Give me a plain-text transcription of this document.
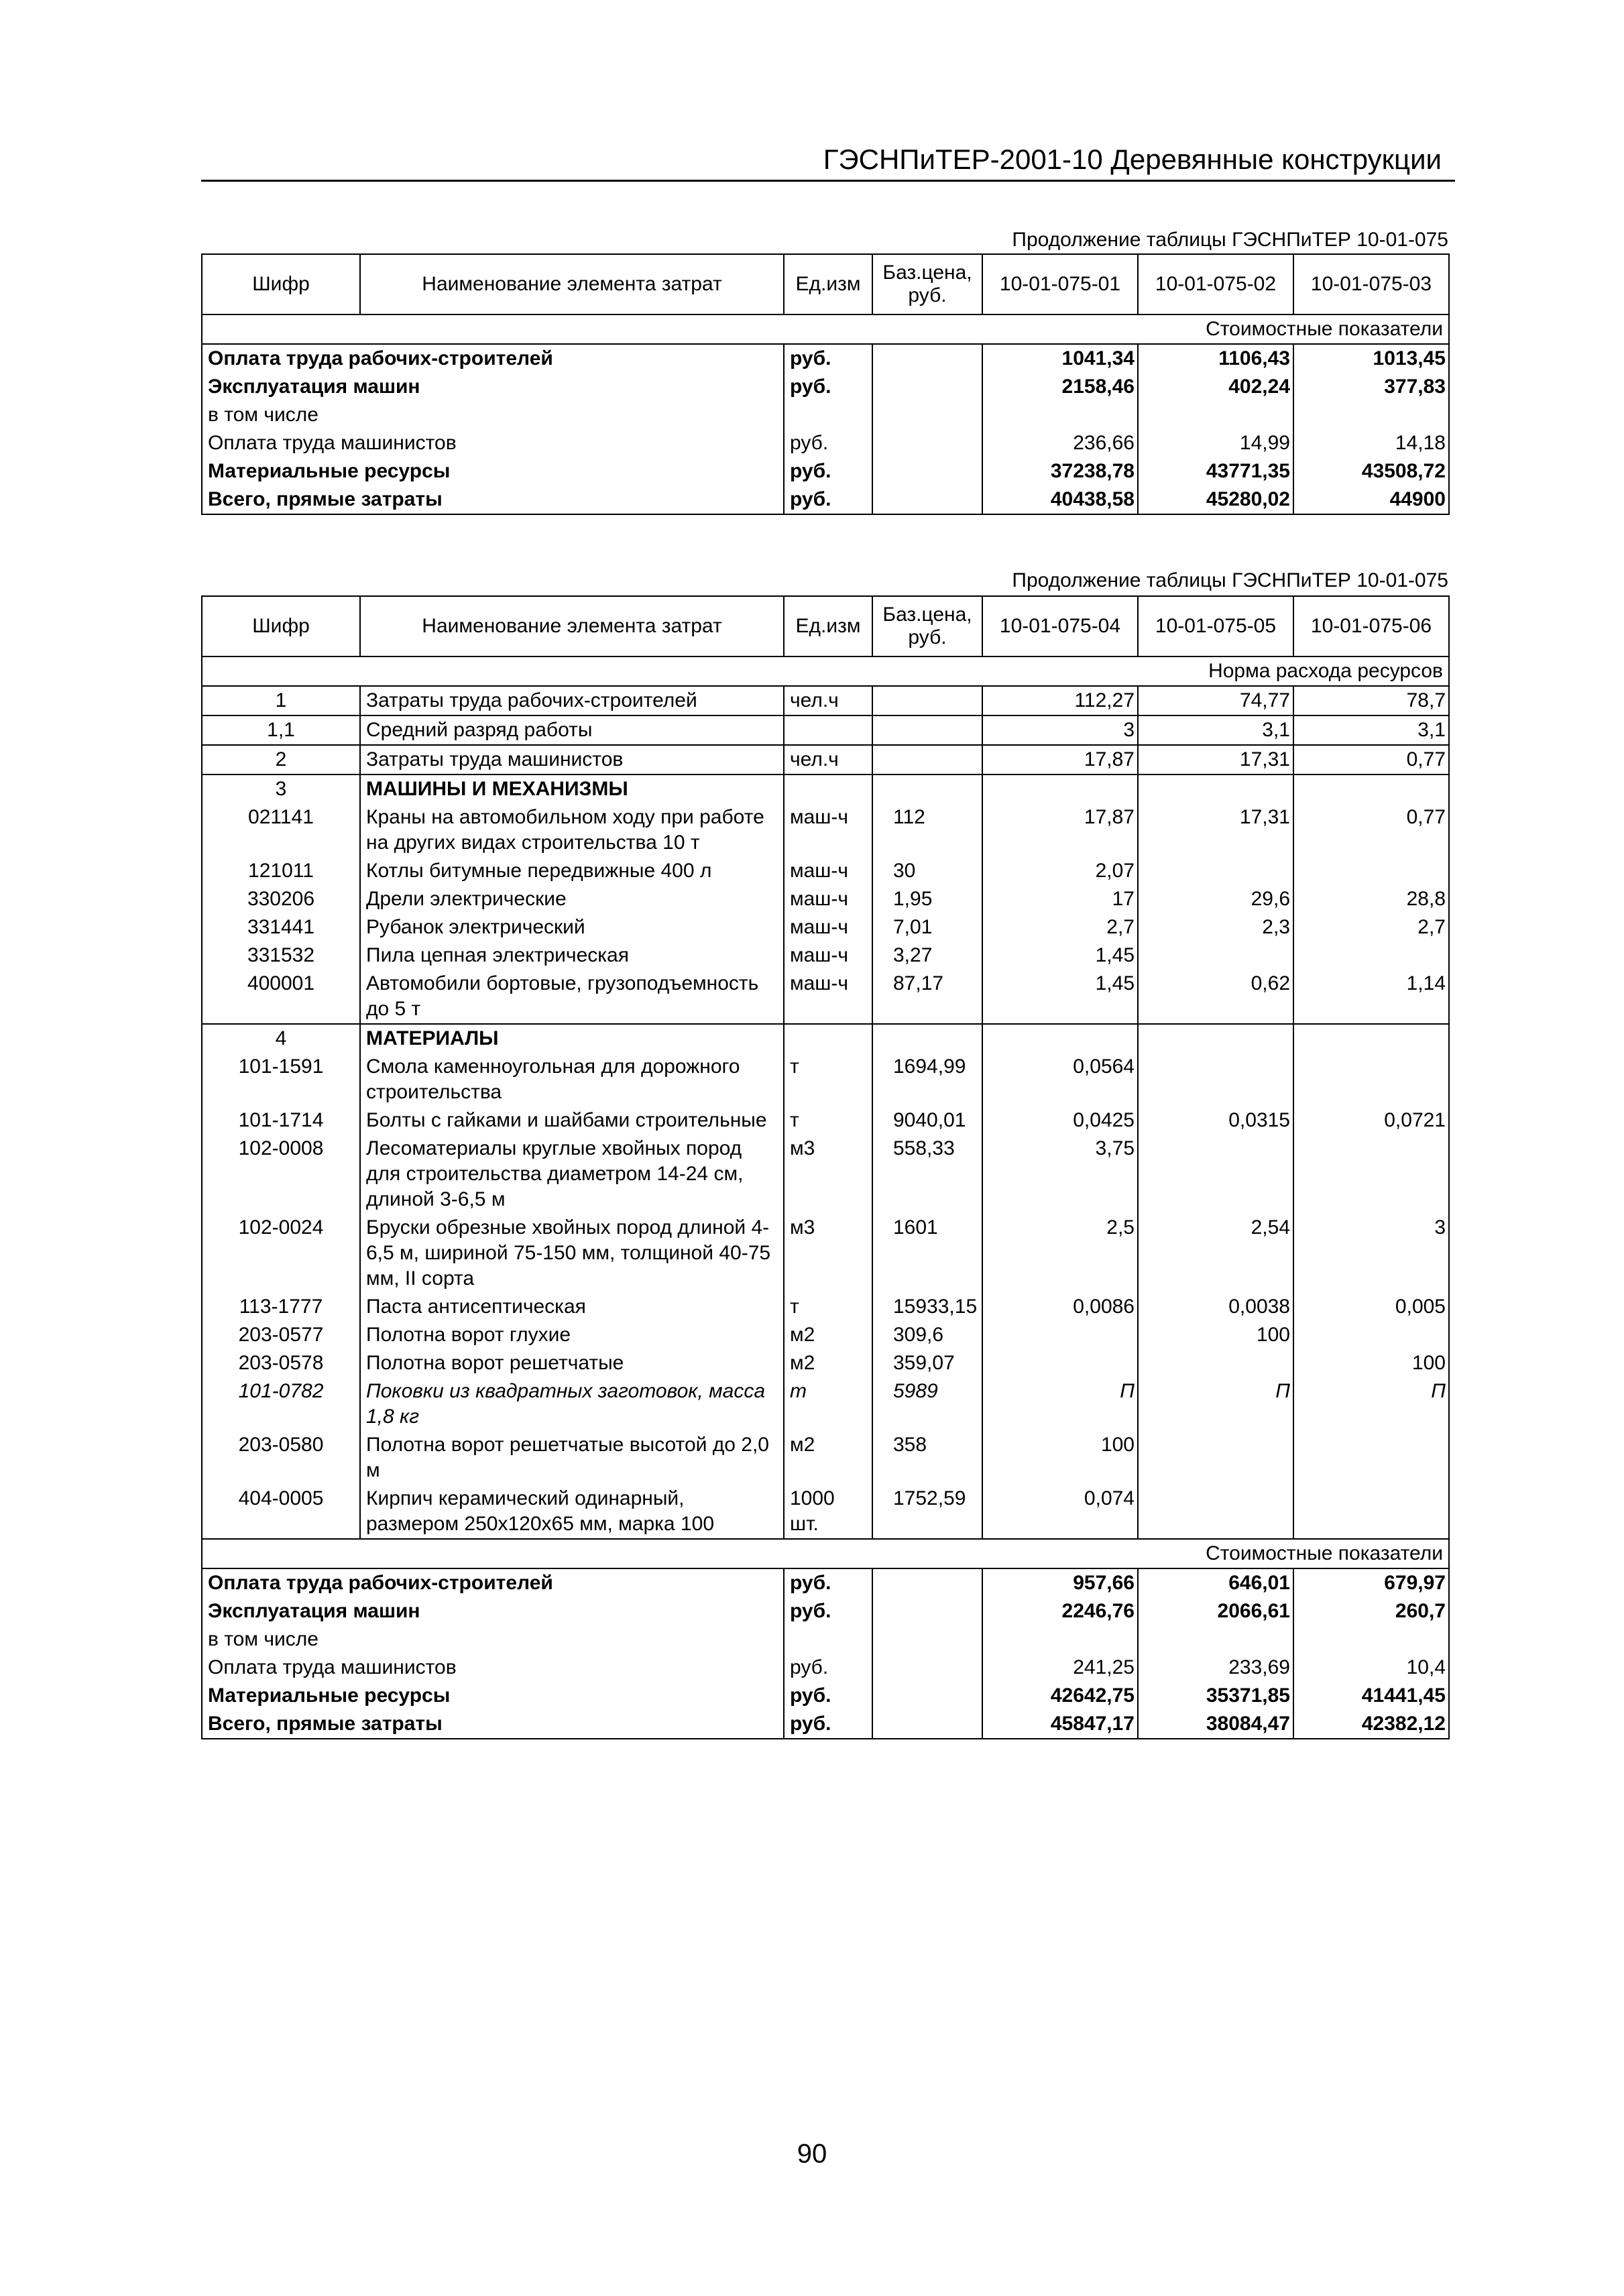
ГЭСНПиТЕР-2001-10 Деревянные конструкции
Продолжение таблицы ГЭСНПиТЕР 10-01-075
Шифр	Наименование элемента затрат	Ед.изм	Баз.цена, руб.	10-01-075-01	10-01-075-02	10-01-075-03
Стоимостные показатели						
Оплата труда рабочих-строителей		руб.		1041,34	1106,43	1013,45
Эксплуатация машин		руб.		2158,46	402,24	377,83
в том числе						
Оплата труда машинистов		руб.		236,66	14,99	14,18
Материальные ресурсы		руб.		37238,78	43771,35	43508,72
Всего, прямые затраты		руб.		40438,58	45280,02	44900
Продолжение таблицы ГЭСНПиТЕР 10-01-075
Шифр	Наименование элемента затрат	Ед.изм	Баз.цена, руб.	10-01-075-04	10-01-075-05	10-01-075-06
Норма расхода ресурсов						
1	Затраты труда рабочих-строителей	чел.ч		112,27	74,77	78,7
1,1	Средний разряд работы			3	3,1	3,1
2	Затраты труда машинистов	чел.ч		17,87	17,31	0,77
3	МАШИНЫ И МЕХАНИЗМЫ					
021141	Краны на автомобильном ходу при работе на других видах строительства 10 т	маш-ч	112	17,87	17,31	0,77
121011	Котлы битумные передвижные 400 л	маш-ч	30	2,07		
330206	Дрели электрические	маш-ч	1,95	17	29,6	28,8
331441	Рубанок электрический	маш-ч	7,01	2,7	2,3	2,7
331532	Пила цепная электрическая	маш-ч	3,27	1,45		
400001	Автомобили бортовые, грузоподъемность до 5 т	маш-ч	87,17	1,45	0,62	1,14
4	МАТЕРИАЛЫ					
101-1591	Смола каменноугольная для дорожного строительства	т	1694,99	0,0564		
101-1714	Болты с гайками и шайбами строительные	т	9040,01	0,0425	0,0315	0,0721
102-0008	Лесоматериалы круглые хвойных пород для строительства диаметром 14-24 см, длиной 3-6,5 м	м3	558,33	3,75		
102-0024	Бруски обрезные хвойных пород длиной 4-6,5 м, шириной 75-150 мм, толщиной 40-75 мм, II сорта	м3	1601	2,5	2,54	3
113-1777	Паста антисептическая	т	15933,15	0,0086	0,0038	0,005
203-0577	Полотна ворот глухие	м2	309,6		100	
203-0578	Полотна ворот решетчатые	м2	359,07			100
101-0782	Поковки из квадратных заготовок, масса 1,8 кг	т	5989	П	П	П
203-0580	Полотна ворот решетчатые высотой до 2,0 м	м2	358	100		
404-0005	Кирпич керамический одинарный, размером 250х120х65 мм, марка 100	1000 шт.	1752,59	0,074		
Стоимостные показатели						
Оплата труда рабочих-строителей		руб.		957,66	646,01	679,97
Эксплуатация машин		руб.		2246,76	2066,61	260,7
в том числе						
Оплата труда машинистов		руб.		241,25	233,69	10,4
Материальные ресурсы		руб.		42642,75	35371,85	41441,45
Всего, прямые затраты		руб.		45847,17	38084,47	42382,12
90
